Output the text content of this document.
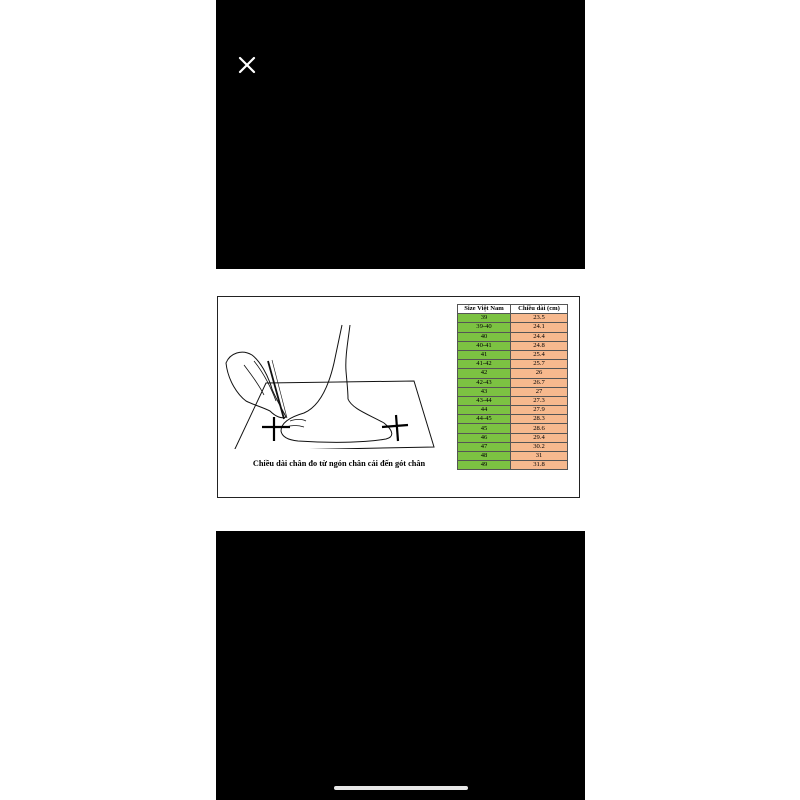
Chiều dài chân đo từ ngón chân cái đến gót chân
Size Việt Nam	Chiều dài (cm)
39	23.5
39-40	24.1
40	24.4
40-41	24.8
41	25.4
41-42	25.7
42	26
42-43	26.7
43	27
43-44	27.3
44	27.9
44-45	28.3
45	28.6
46	29.4
47	30.2
48	31
49	31.8
